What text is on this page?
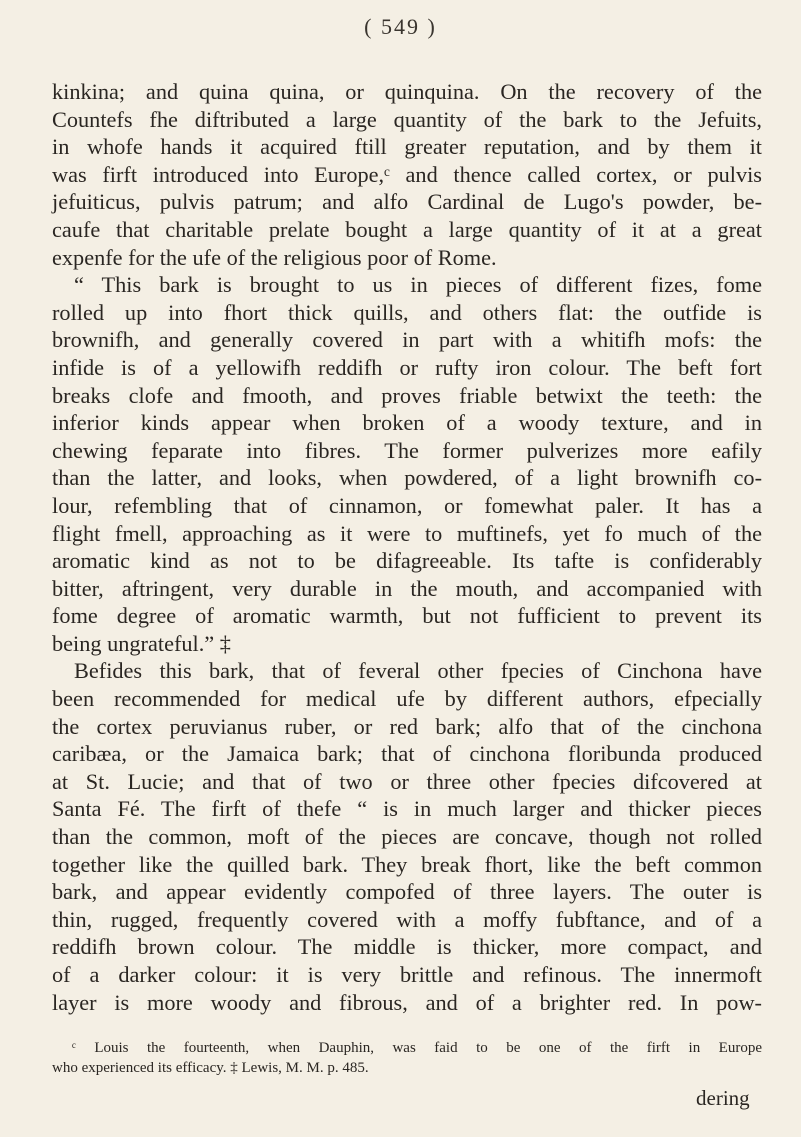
( 549 )
kinkina; and quina quina, or quinquina. On the recovery of the
Countefs fhe diftributed a large quantity of the bark to the Jefuits,
in whofe hands it acquired ftill greater reputation, and by them it
was firft introduced into Europe,ᶜ and thence called cortex, or pulvis
jefuiticus, pulvis patrum; and alfo Cardinal de Lugo's powder, be-
caufe that charitable prelate bought a large quantity of it at a great
expenfe for the ufe of the religious poor of Rome.
“ This bark is brought to us in pieces of different fizes, fome
rolled up into fhort thick quills, and others flat: the outfide is
brownifh, and generally covered in part with a whitifh mofs: the
infide is of a yellowifh reddifh or rufty iron colour. The beft fort
breaks clofe and fmooth, and proves friable betwixt the teeth: the
inferior kinds appear when broken of a woody texture, and in
chewing feparate into fibres. The former pulverizes more eafily
than the latter, and looks, when powdered, of a light brownifh co-
lour, refembling that of cinnamon, or fomewhat paler. It has a
flight fmell, approaching as it were to muftinefs, yet fo much of the
aromatic kind as not to be difagreeable. Its tafte is confiderably
bitter, aftringent, very durable in the mouth, and accompanied with
fome degree of aromatic warmth, but not fufficient to prevent its
being ungrateful.” ‡
Befides this bark, that of feveral other fpecies of Cinchona have
been recommended for medical ufe by different authors, efpecially
the cortex peruvianus ruber, or red bark; alfo that of the cinchona
caribæa, or the Jamaica bark; that of cinchona floribunda produced
at St. Lucie; and that of two or three other fpecies difcovered at
Santa Fé. The firft of thefe “ is in much larger and thicker pieces
than the common, moft of the pieces are concave, though not rolled
together like the quilled bark. They break fhort, like the beft common
bark, and appear evidently compofed of three layers. The outer is
thin, rugged, frequently covered with a moffy fubftance, and of a
reddifh brown colour. The middle is thicker, more compact, and
of a darker colour: it is very brittle and refinous. The innermoft
layer is more woody and fibrous, and of a brighter red. In pow-
ᶜ Louis the fourteenth, when Dauphin, was faid to be one of the firft in Europe
who experienced its efficacy. ‡ Lewis, M. M. p. 485.
dering
